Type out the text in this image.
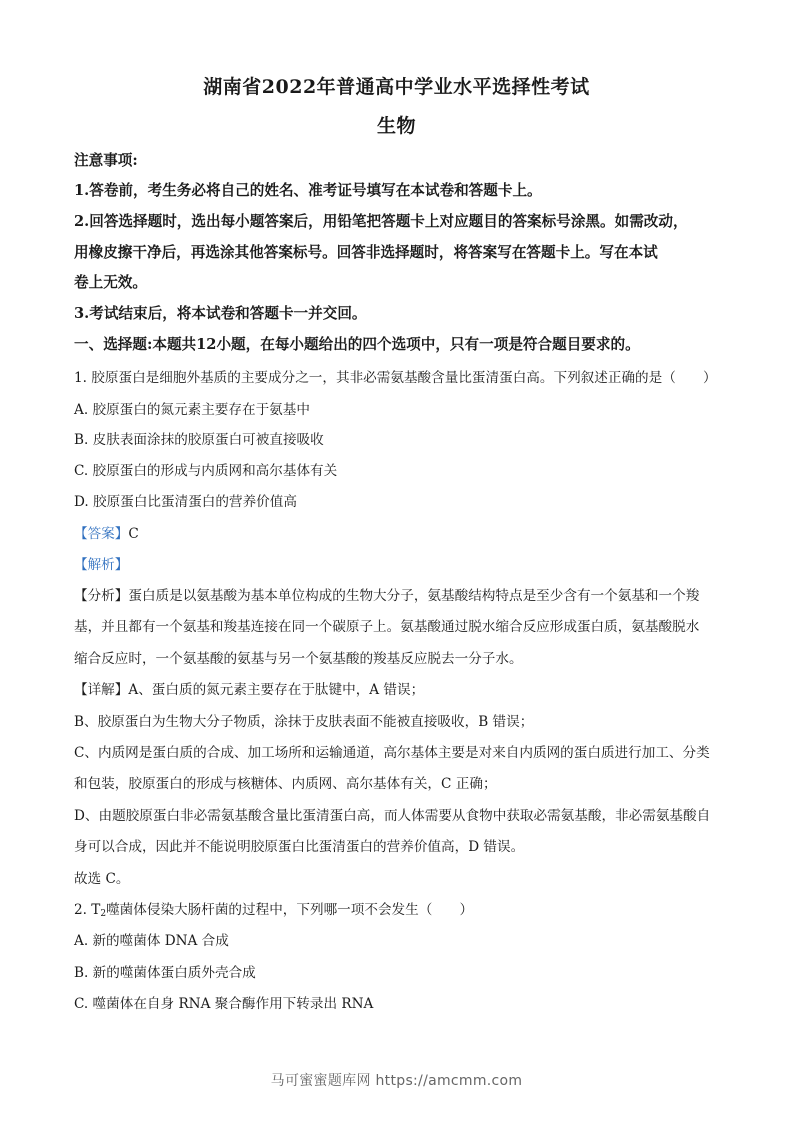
湖南省2022年普通高中学业水平选择性考试
生物
注意事项:
1.答卷前，考生务必将自己的姓名、准考证号填写在本试卷和答题卡上。
2.回答选择题时，选出每小题答案后，用铅笔把答题卡上对应题目的答案标号涂黑。如需改动，
用橡皮擦干净后，再选涂其他答案标号。回答非选择题时，将答案写在答题卡上。写在本试
卷上无效。
3.考试结束后，将本试卷和答题卡一并交回。
一、选择题:本题共12小题，在每小题给出的四个选项中，只有一项是符合题目要求的。
1. 胶原蛋白是细胞外基质的主要成分之一，其非必需氨基酸含量比蛋清蛋白高。下列叙述正确的是（　　）
A. 胶原蛋白的氮元素主要存在于氨基中
B. 皮肤表面涂抹的胶原蛋白可被直接吸收
C. 胶原蛋白的形成与内质网和高尔基体有关
D. 胶原蛋白比蛋清蛋白的营养价值高
【答案】C
【解析】
【分析】蛋白质是以氨基酸为基本单位构成的生物大分子，氨基酸结构特点是至少含有一个氨基和一个羧
基，并且都有一个氨基和羧基连接在同一个碳原子上。氨基酸通过脱水缩合反应形成蛋白质，氨基酸脱水
缩合反应时，一个氨基酸的氨基与另一个氨基酸的羧基反应脱去一分子水。
【详解】A、蛋白质的氮元素主要存在于肽键中，A 错误；
B、胶原蛋白为生物大分子物质，涂抹于皮肤表面不能被直接吸收，B 错误；
C、内质网是蛋白质的合成、加工场所和运输通道，高尔基体主要是对来自内质网的蛋白质进行加工、分类
和包装，胶原蛋白的形成与核糖体、内质网、高尔基体有关，C 正确；
D、由题胶原蛋白非必需氨基酸含量比蛋清蛋白高，而人体需要从食物中获取必需氨基酸，非必需氨基酸自
身可以合成，因此并不能说明胶原蛋白比蛋清蛋白的营养价值高，D 错误。
故选 C。
2. $T_2$噬菌体侵染大肠杆菌的过程中，下列哪一项不会发生（　　）
A. 新的噬菌体 DNA 合成
B. 新的噬菌体蛋白质外壳合成
C. 噬菌体在自身 RNA 聚合酶作用下转录出 RNA
马可蜜蜜题库网 https://amcmm.com
